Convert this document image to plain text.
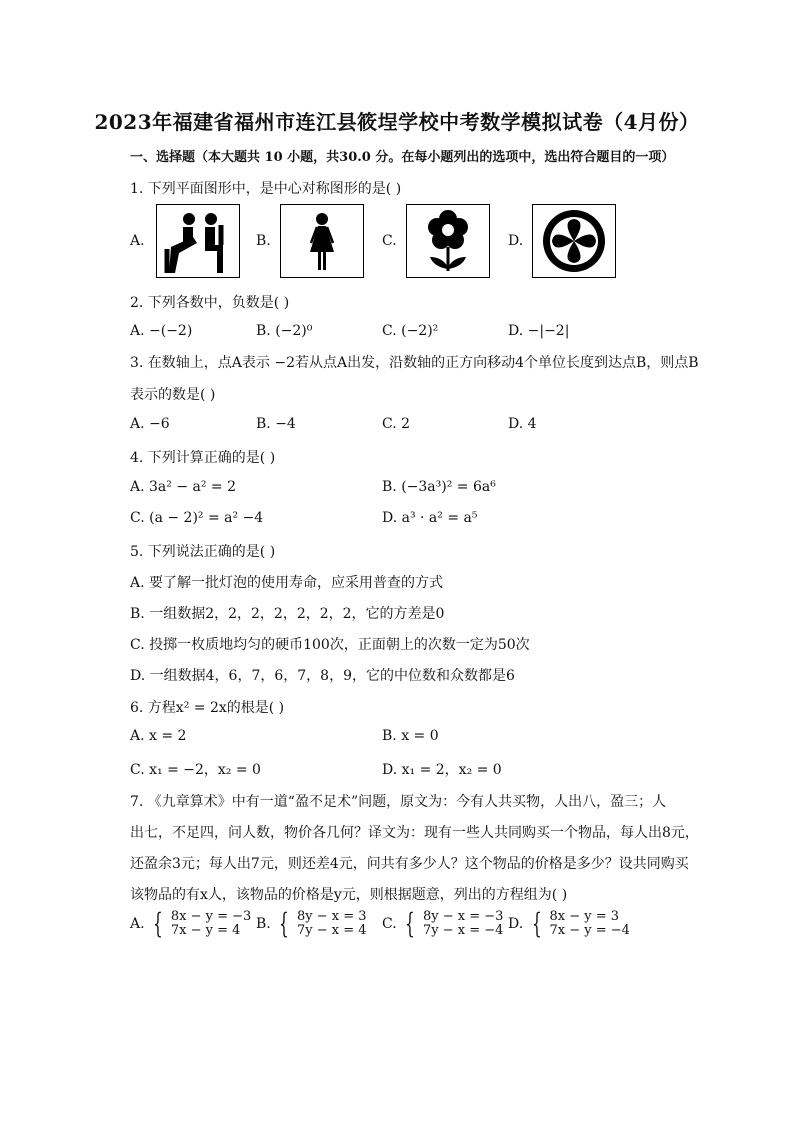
2023年福建省福州市连江县筱埕学校中考数学模拟试卷（4月份）
一、选择题（本大题共 10 小题，共30.0 分。在每小题列出的选项中，选出符合题目的一项）
1. 下列平面图形中，是中心对称图形的是( )
A.	B.	C.	D.
2. 下列各数中，负数是( )
A. −(−2)	B. (−2)⁰	C. (−2)²	D. −|−2|
3. 在数轴上，点A表示 −2若从点A出发，沿数轴的正方向移动4个单位长度到达点B，则点B
表示的数是( )
A. −6	B. −4	C. 2	D. 4
4. 下列计算正确的是( )
A. 3a² − a² = 2	B. (−3a³)² = 6a⁶
C. (a − 2)² = a² −4	D. a³ · a² = a⁵
5. 下列说法正确的是( )
A. 要了解一批灯泡的使用寿命，应采用普查的方式
B. 一组数据2，2，2，2，2，2，2，它的方差是0
C. 投掷一枚质地均匀的硬币100次，正面朝上的次数一定为50次
D. 一组数据4，6，7，6，7，8，9，它的中位数和众数都是6
6. 方程x² = 2x的根是( )
A. x = 2	B. x = 0
C. x₁ = −2，x₂ = 0	D. x₁ = 2，x₂ = 0
7. 《九章算术》中有一道“盈不足术”问题，原文为：今有人共买物，人出八，盈三；人
出七，不足四，问人数，物价各几何？译文为：现有一些人共同购买一个物品，每人出8元，
还盈余3元；每人出7元，则还差4元，问共有多少人？这个物品的价格是多少？设共同购买
该物品的有x人，该物品的价格是y元，则根据题意，列出的方程组为( )
A. { 8x − y = −3
7x − y = 4	B. { 8y − x = 3
7y − x = 4 C. { 8y − x = −3
7y − x = −4 D. { 8x − y = 3
7x − y = −4
